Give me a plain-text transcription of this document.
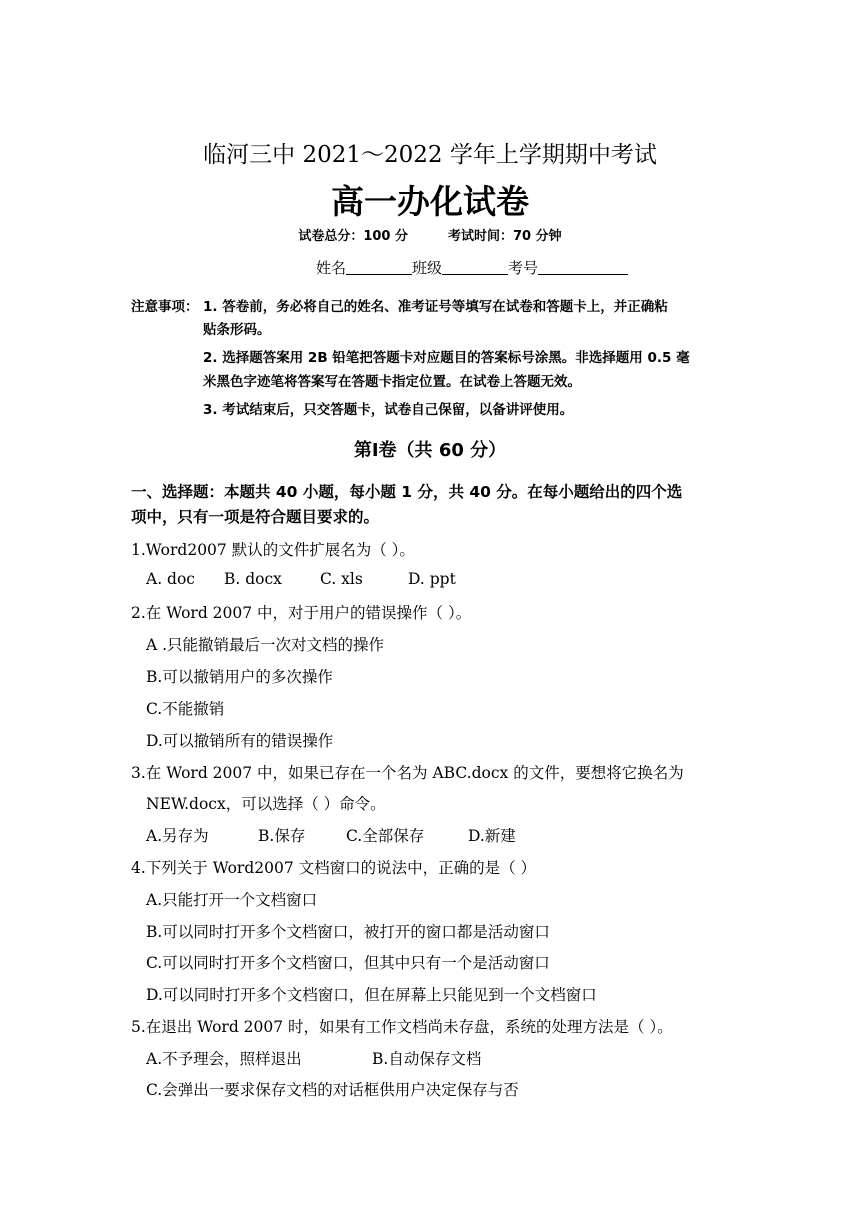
临河三中 2021～2022 学年上学期期中考试
高一办化试卷
试卷总分：100 分	考试时间：70 分钟
姓名	班级	考号
注意事项： 1. 答卷前，务必将自己的姓名、准考证号等填写在试卷和答题卡上，并正确粘
贴条形码。
2. 选择题答案用 2B 铅笔把答题卡对应题目的答案标号涂黑。非选择题用 0.5 毫
米黑色字迹笔将答案写在答题卡指定位置。在试卷上答题无效。
3. 考试结束后，只交答题卡，试卷自己保留，以备讲评使用。
第Ⅰ卷（共 60 分）
一、选择题：本题共 40 小题，每小题 1 分，共 40 分。在每小题给出的四个选
项中，只有一项是符合题目要求的。
1.Word2007 默认的文件扩展名为（ ）。
A. doc B. docx C. xls	D. ppt
2.在 Word 2007 中，对于用户的错误操作（ ）。
A .只能撤销最后一次对文档的操作
B.可以撤销用户的多次操作
C.不能撤销
D.可以撤销所有的错误操作
3.在 Word 2007 中，如果已存在一个名为 ABC.docx 的文件，要想将它换名为
NEW.docx，可以选择（ ）命令。
A.另存为	B.保存	C.全部保存	D.新建
4.下列关于 Word2007 文档窗口的说法中，正确的是（ ）
A.只能打开一个文档窗口
B.可以同时打开多个文档窗口，被打开的窗口都是活动窗口
C.可以同时打开多个文档窗口，但其中只有一个是活动窗口
D.可以同时打开多个文档窗口，但在屏幕上只能见到一个文档窗口
5.在退出 Word 2007 时，如果有工作文档尚未存盘，系统的处理方法是（ ）。
A.不予理会，照样退出	B.自动保存文档
C.会弹出一要求保存文档的对话框供用户决定保存与否
